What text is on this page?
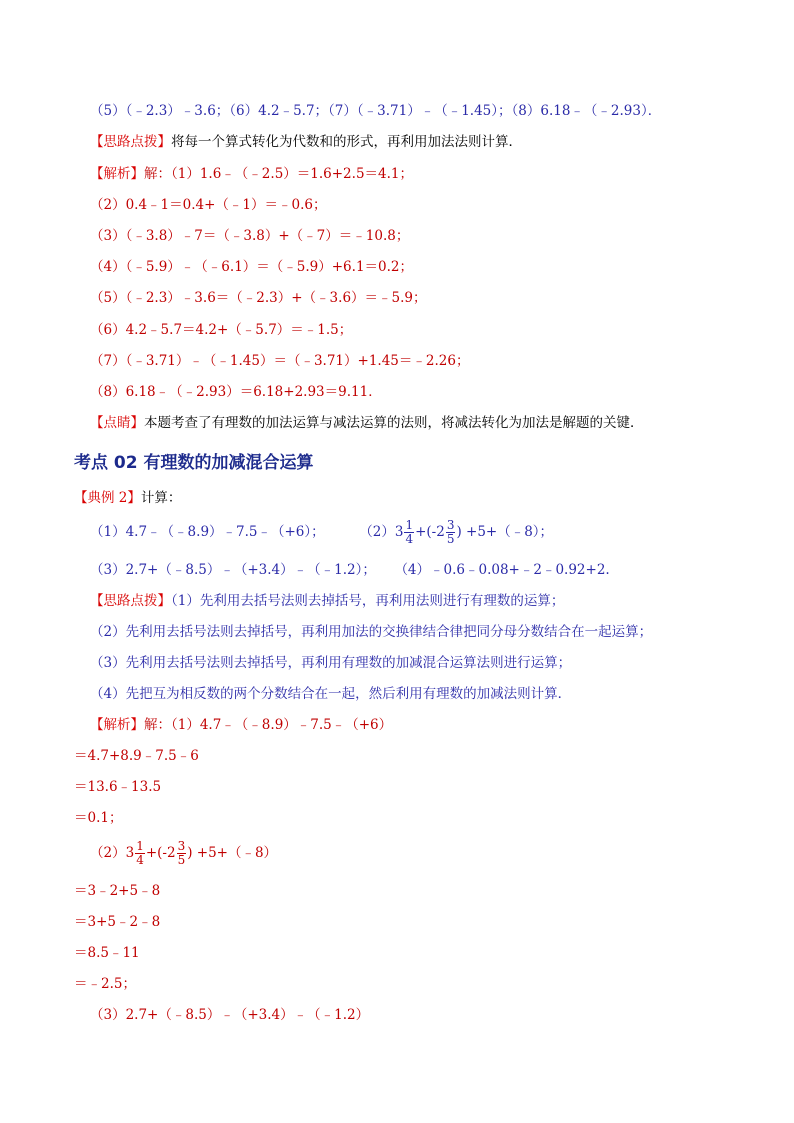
（5）（﹣2.3）﹣3.6；（6）4.2﹣5.7；（7）（﹣3.71）﹣（﹣1.45）；（8）6.18﹣（﹣2.93）．
【思路点拨】将每一个算式转化为代数和的形式，再利用加法法则计算．
【解析】解：（1）1.6﹣（﹣2.5）＝1.6+2.5＝4.1；
（2）0.4﹣1＝0.4+（﹣1）＝﹣0.6；
（3）（﹣3.8）﹣7＝（﹣3.8）+（﹣7）＝﹣10.8；
（4）（﹣5.9）﹣（﹣6.1）＝（﹣5.9）+6.1＝0.2；
（5）（﹣2.3）﹣3.6＝（﹣2.3）+（﹣3.6）＝﹣5.9；
（6）4.2﹣5.7＝4.2+（﹣5.7）＝﹣1.5；
（7）（﹣3.71）﹣（﹣1.45）＝（﹣3.71）+1.45＝﹣2.26；
（8）6.18﹣（﹣2.93）＝6.18+2.93＝9.11．
【点睛】本题考查了有理数的加法运算与减法运算的法则，将减法转化为加法是解题的关键．
考点 02 有理数的加减混合运算
【典例 2】计算：
（1）4.7﹣（﹣8.9）﹣7.5﹣（+6）；	$(2)3 \frac{1}{4} +(-2 \frac{3}{5}$ ) +5+（﹣8）；
（3）2.7+（﹣8.5）﹣（+3.4）﹣（﹣1.2）； （4）﹣0.6﹣0.08+﹣2﹣0.92+2.
【思路点拨】（1）先利用去括号法则去掉括号，再利用法则进行有理数的运算；
（2）先利用去括号法则去掉括号，再利用加法的交换律结合律把同分母分数结合在一起运算；
（3）先利用去括号法则去掉括号，再利用有理数的加减混合运算法则进行运算；
（4）先把互为相反数的两个分数结合在一起，然后利用有理数的加减法则计算．
【解析】解：（1）4.7﹣（﹣8.9）﹣7.5﹣（+6）
＝4.7+8.9﹣7.5﹣6
＝13.6﹣13.5
＝0.1；
$(2)3 \frac{1}{4} +(-2 \frac{3}{5}$ ) +5+（﹣8）
＝3﹣2+5﹣8
＝3+5﹣2﹣8
＝8.5﹣11
＝﹣2.5；
（3）2.7+（﹣8.5）﹣（+3.4）﹣（﹣1.2）
